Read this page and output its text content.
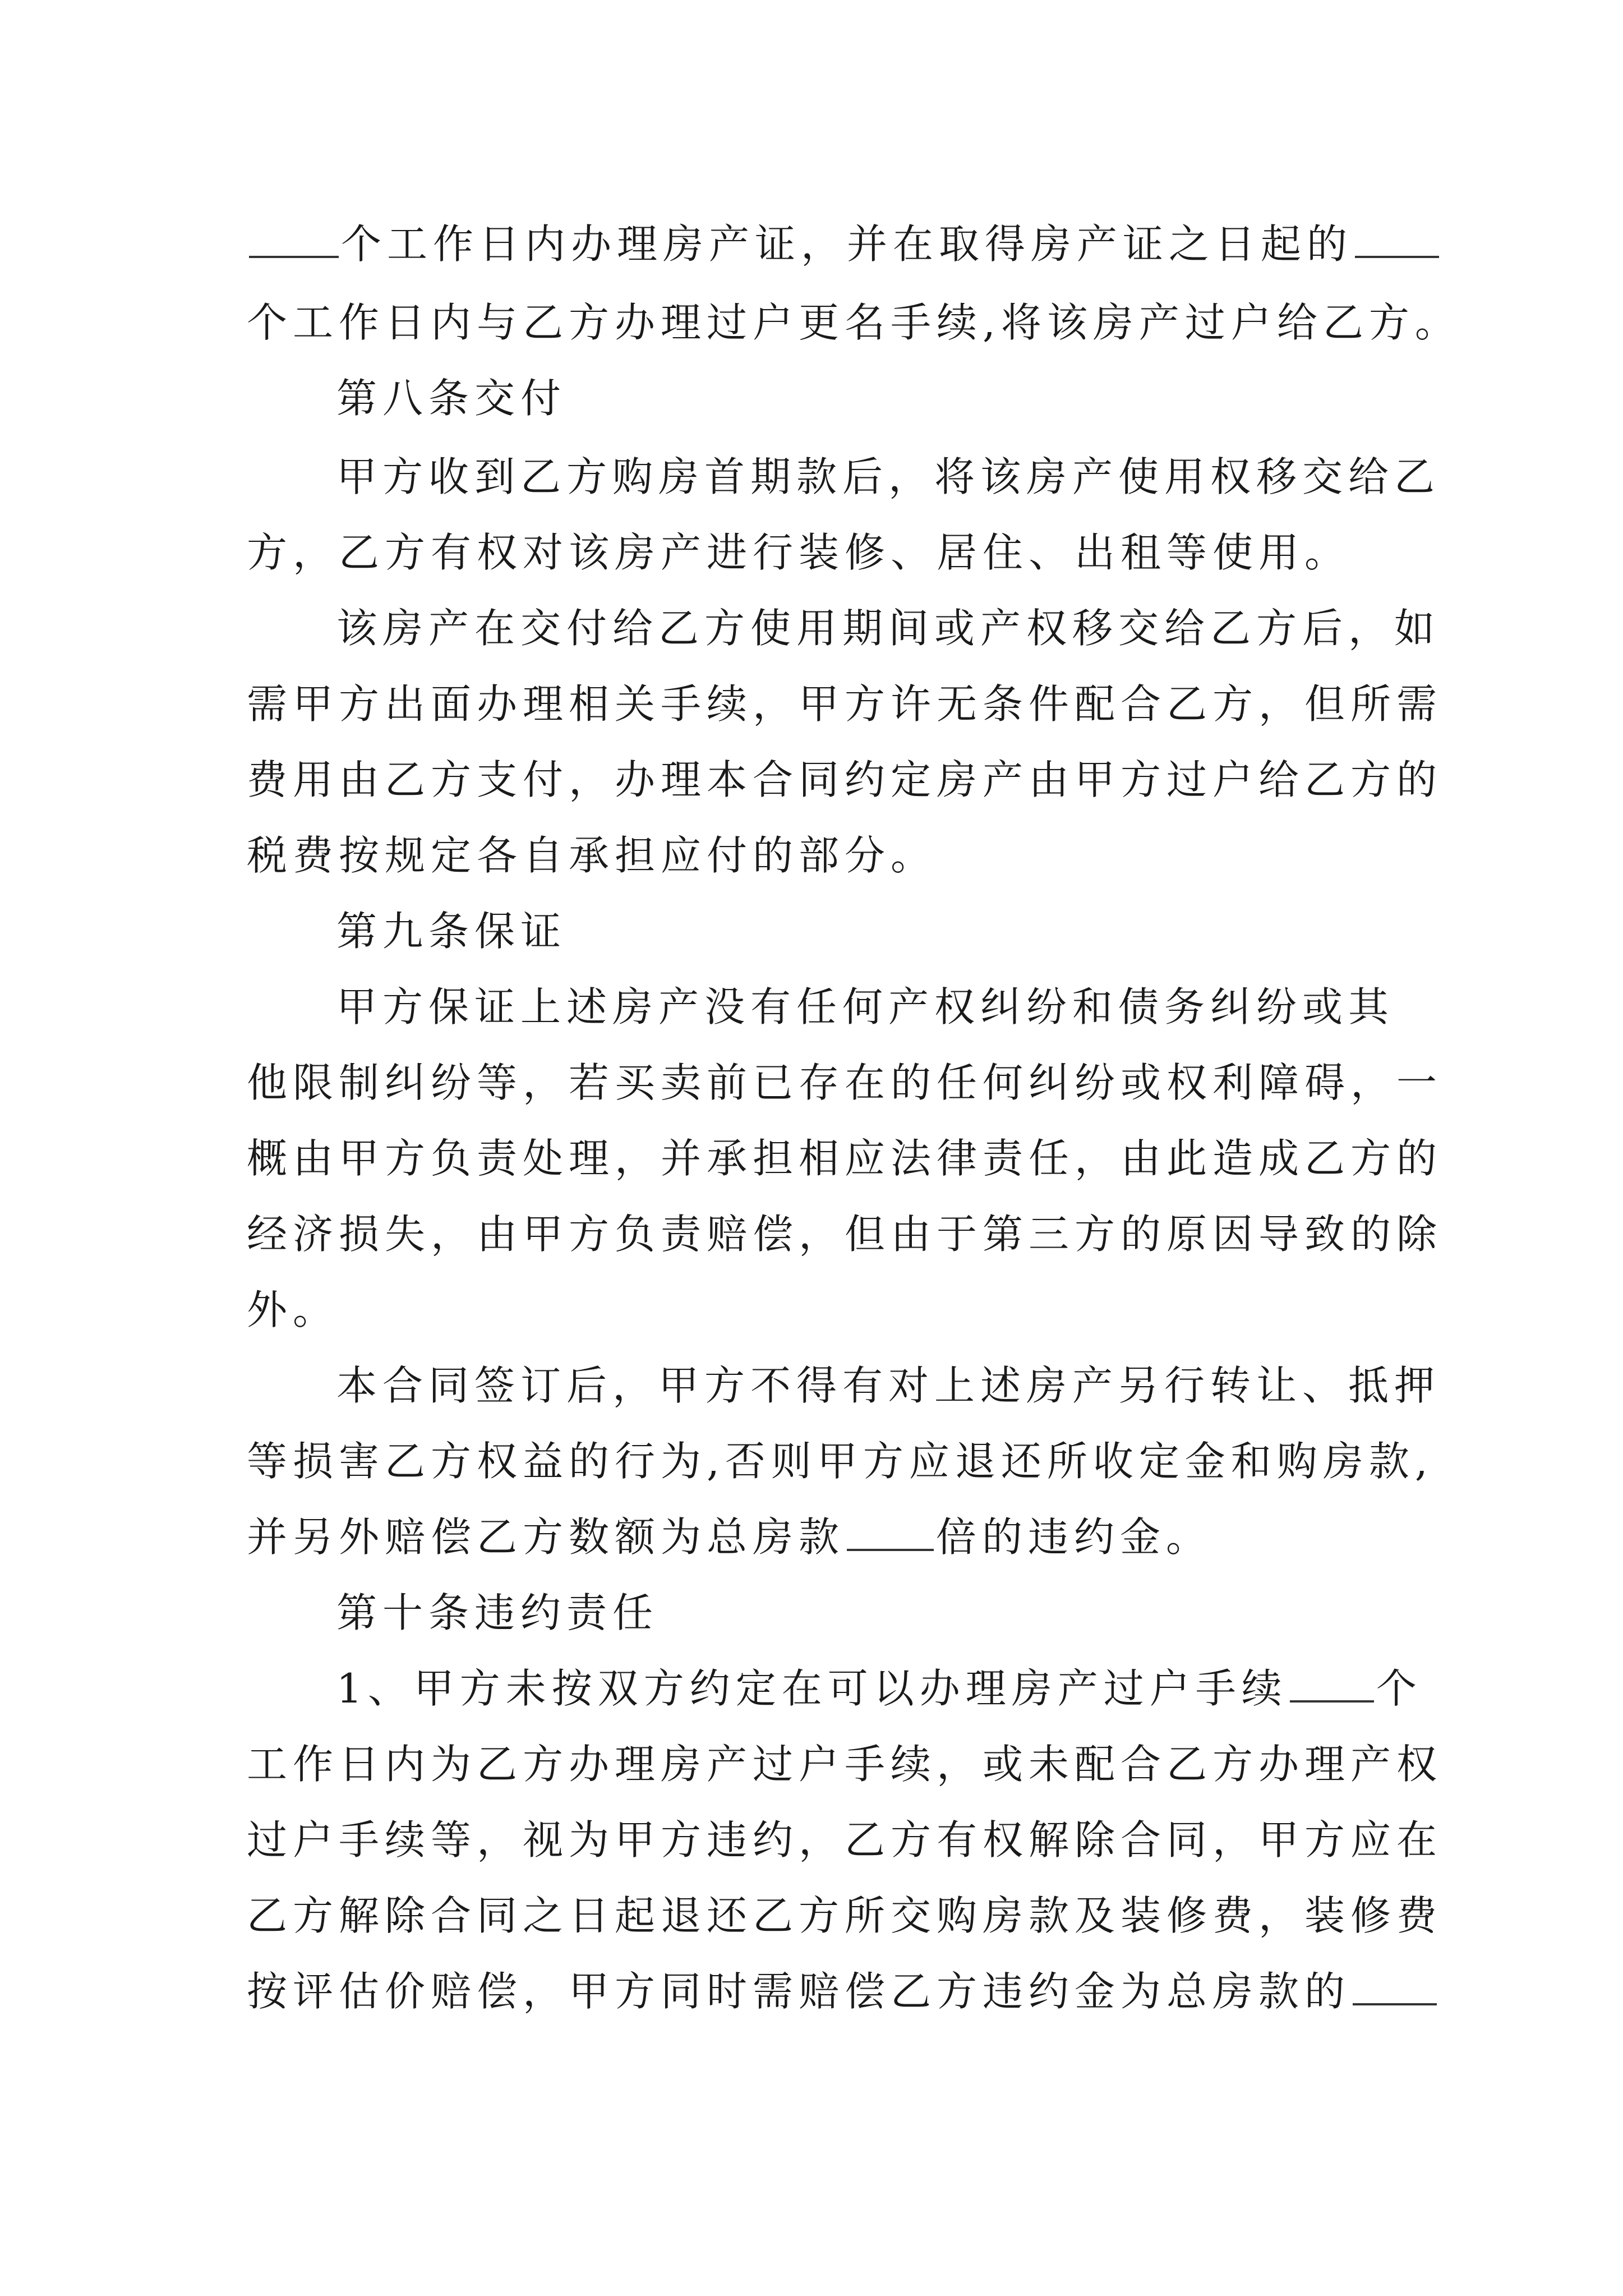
个工作日内办理房产证，并在取得房产证之日起的
个工作日内与乙方办理过户更名手续,将该房产过户给乙方。
第八条交付
甲方收到乙方购房首期款后，将该房产使用权移交给乙
方，乙方有权对该房产进行装修、居住、出租等使用。
该房产在交付给乙方使用期间或产权移交给乙方后，如
需甲方出面办理相关手续，甲方许无条件配合乙方，但所需
费用由乙方支付，办理本合同约定房产由甲方过户给乙方的
税费按规定各自承担应付的部分。
第九条保证
甲方保证上述房产没有任何产权纠纷和债务纠纷或其
他限制纠纷等，若买卖前已存在的任何纠纷或权利障碍，一
概由甲方负责处理，并承担相应法律责任，由此造成乙方的
经济损失，由甲方负责赔偿，但由于第三方的原因导致的除
外。
本合同签订后，甲方不得有对上述房产另行转让、抵押
等损害乙方权益的行为,否则甲方应退还所收定金和购房款,
并另外赔偿乙方数额为总房款 倍的违约金。
第十条违约责任
1、甲方未按双方约定在可以办理房产过户手续 个
工作日内为乙方办理房产过户手续，或未配合乙方办理产权
过户手续等，视为甲方违约，乙方有权解除合同，甲方应在
乙方解除合同之日起退还乙方所交购房款及装修费，装修费
按评估价赔偿，甲方同时需赔偿乙方违约金为总房款的
